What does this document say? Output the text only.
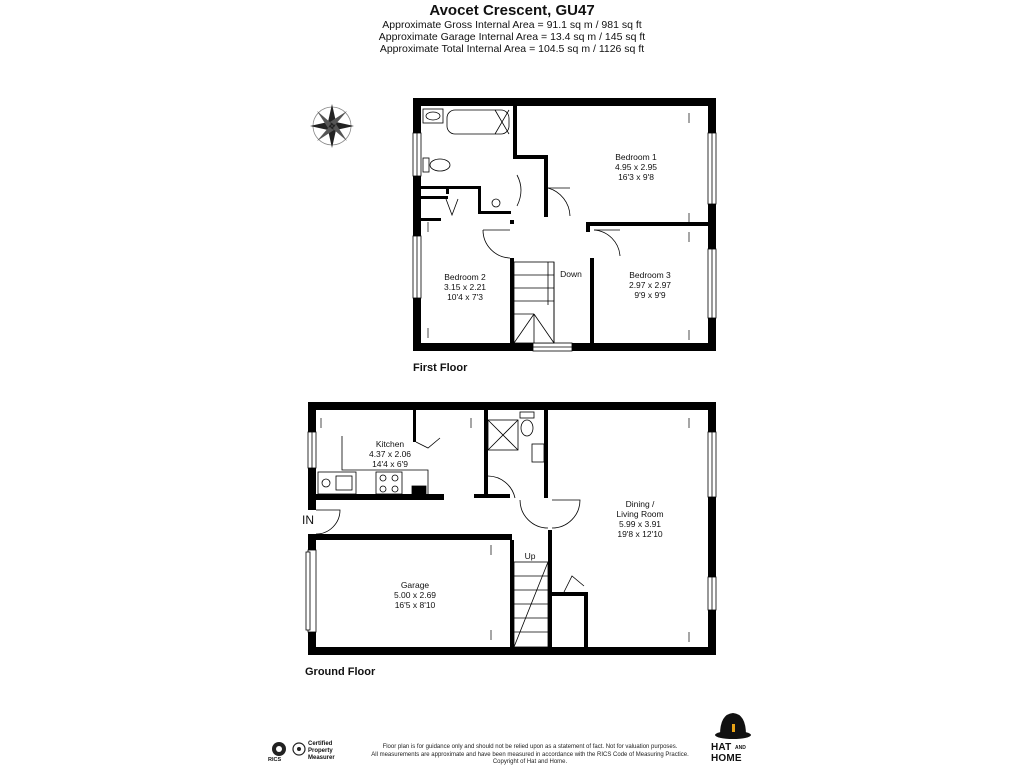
Avocet Crescent, GU47
Approximate Gross Internal Area = 91.1 sq m / 981 sq ft
Approximate Garage Internal Area = 13.4 sq m / 145 sq ft
Approximate Total Internal Area = 104.5 sq m / 1126 sq ft
Bedroom 1
4.95 x 2.95
16'3 x 9'8
Bedroom 2
3.15 x 2.21
10'4 x 7'3
Bedroom 3
2.97 x 2.97
9'9 x 9'9
Down
First Floor
Kitchen
4.37 x 2.06
14'4 x 6'9
Dining /
Living Room
5.99 x 3.91
19'8 x 12'10
Garage
5.00 x 2.69
16'5 x 8'10
Up
IN
Ground Floor
RICS
Certified
Property
Measurer
Floor plan is for guidance only and should not be relied upon as a statement of fact. Not for valuation purposes.
All measurements are approximate and have been measured in accordance with the RICS Code of Measuring Practice.
Copyright of Hat and Home.
HAT AND
HOME
